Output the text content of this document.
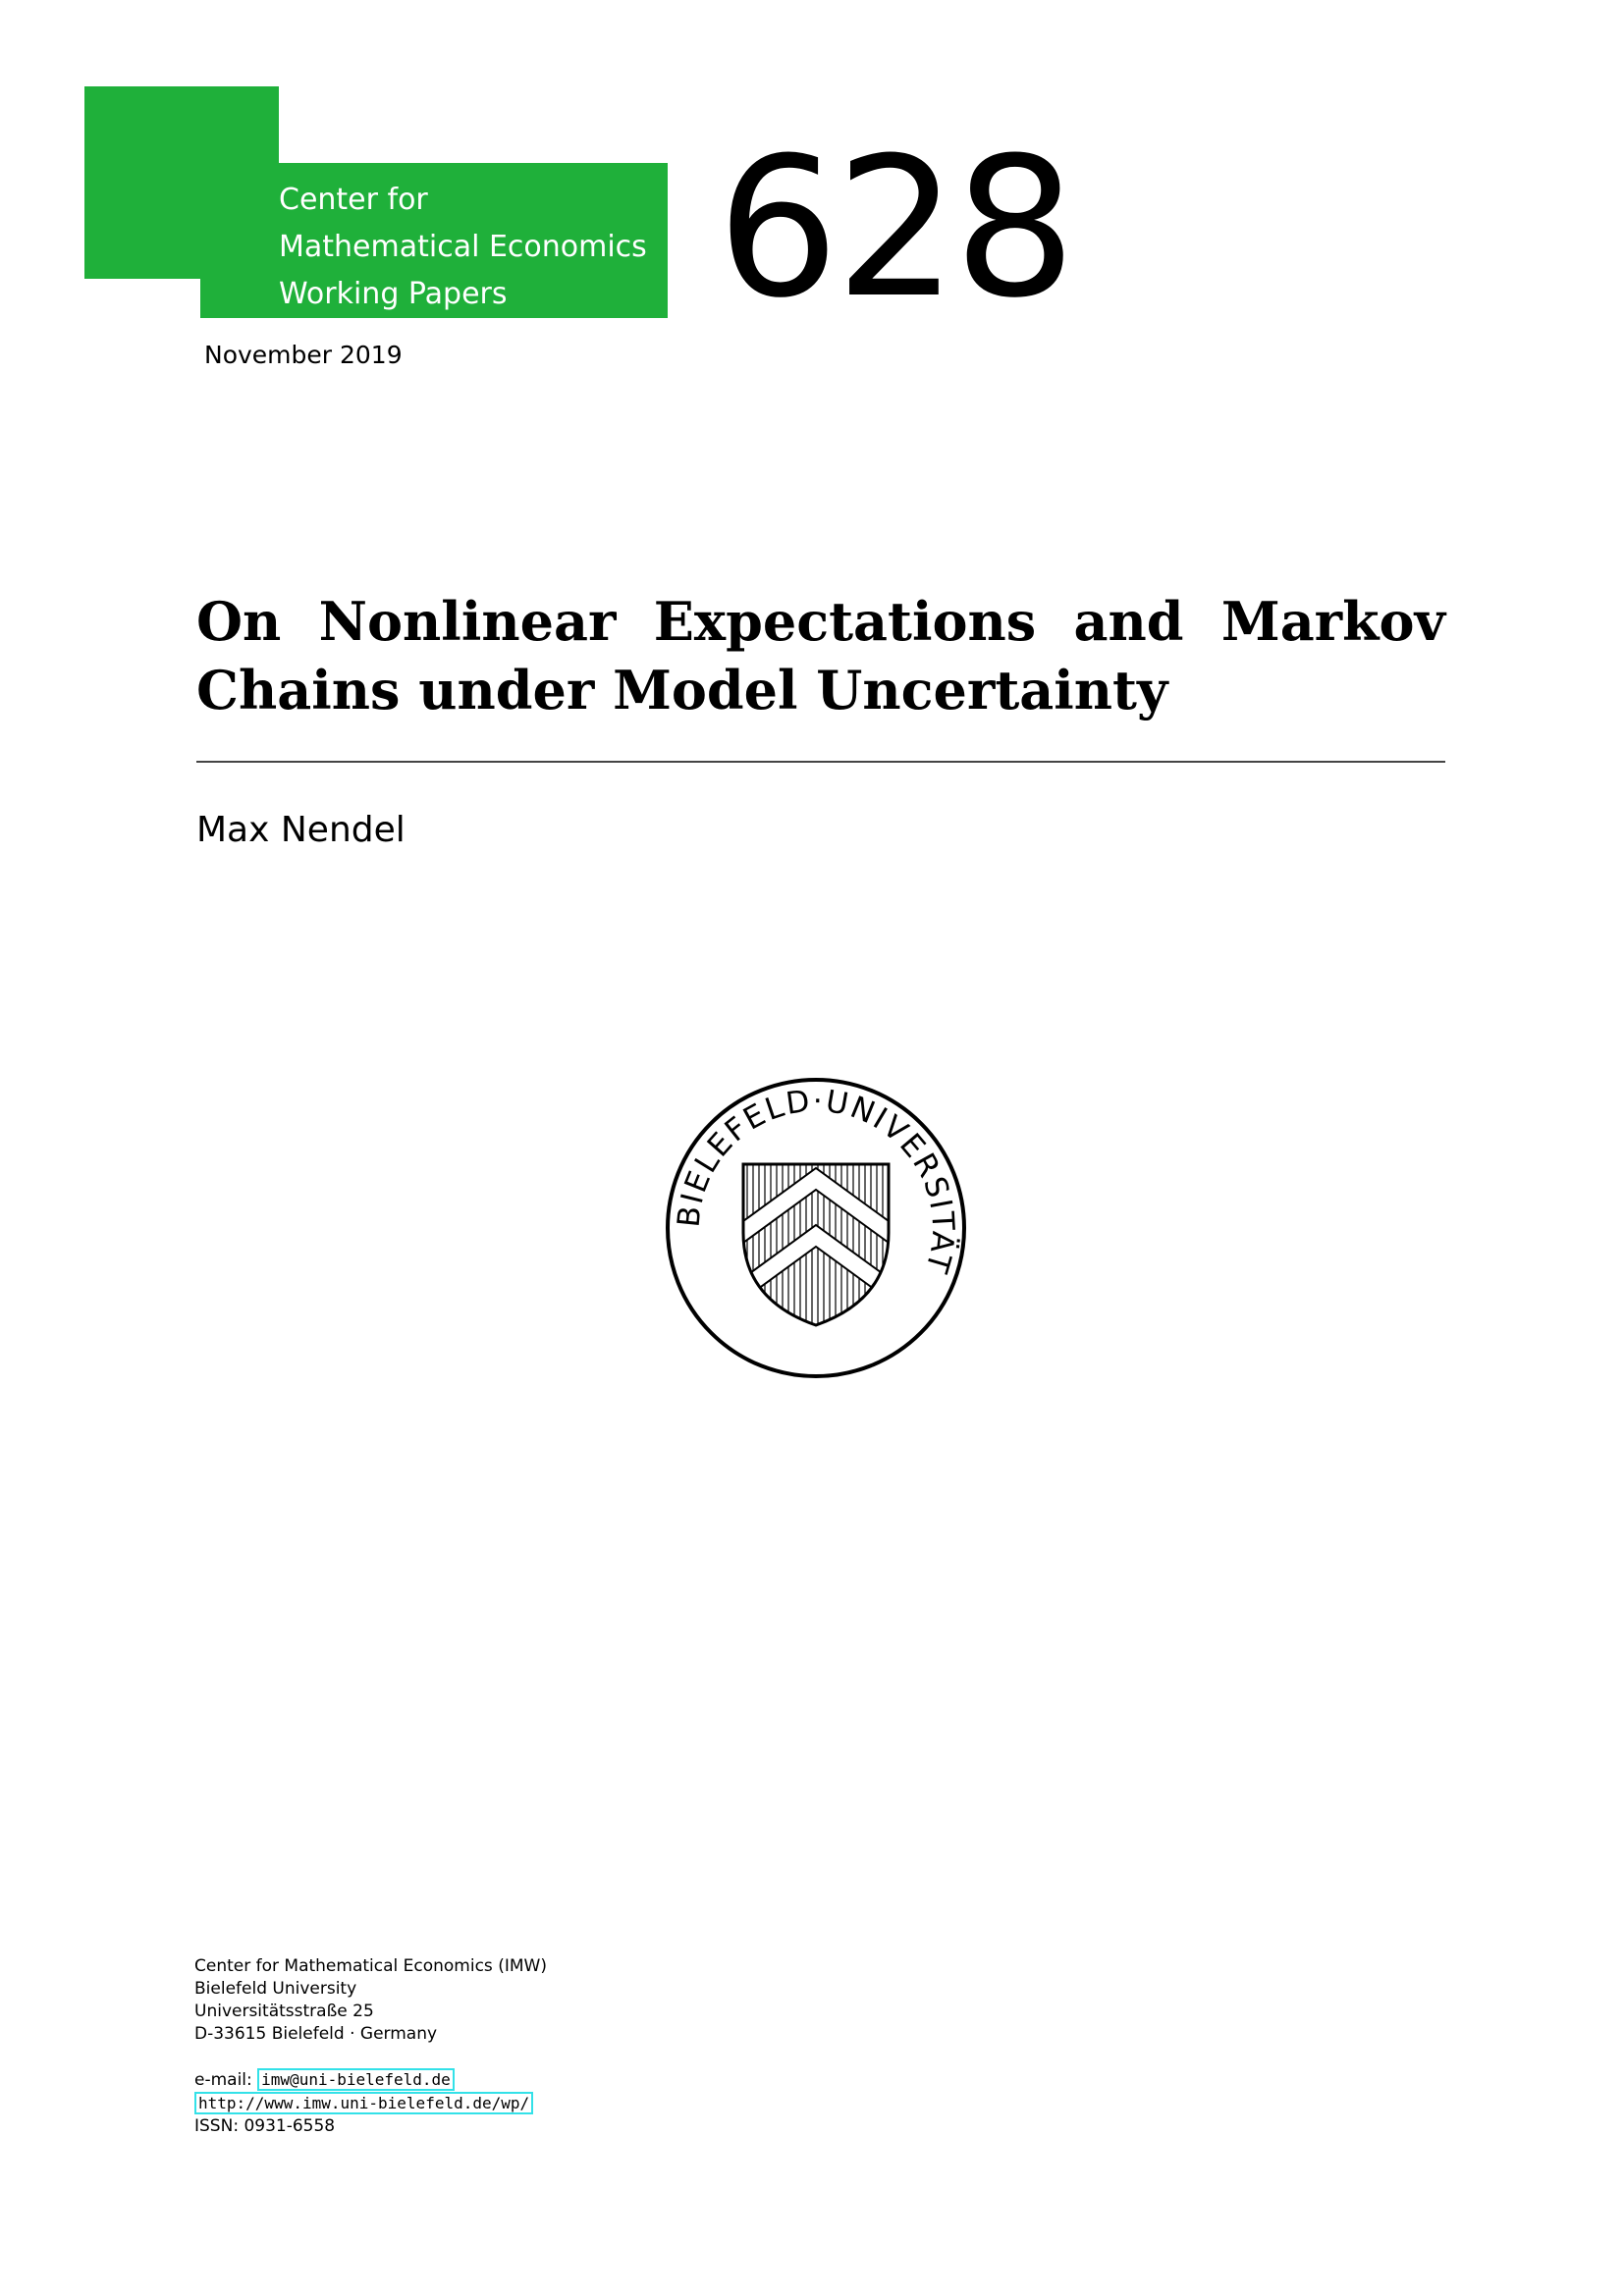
Center for
Mathematical Economics
Working Papers	628
November 2019
On Nonlinear Expectations and Markov
Chains under Model Uncertainty
Max Nendel
BIELEFELD·UNIVERSITÄT
Center for Mathematical Economics (IMW)
Bielefeld University
Universitätsstraße 25
D-33615 Bielefeld · Germany
e-mail: imw@uni-bielefeld.de
http://www.imw.uni-bielefeld.de/wp/
ISSN: 0931-6558
